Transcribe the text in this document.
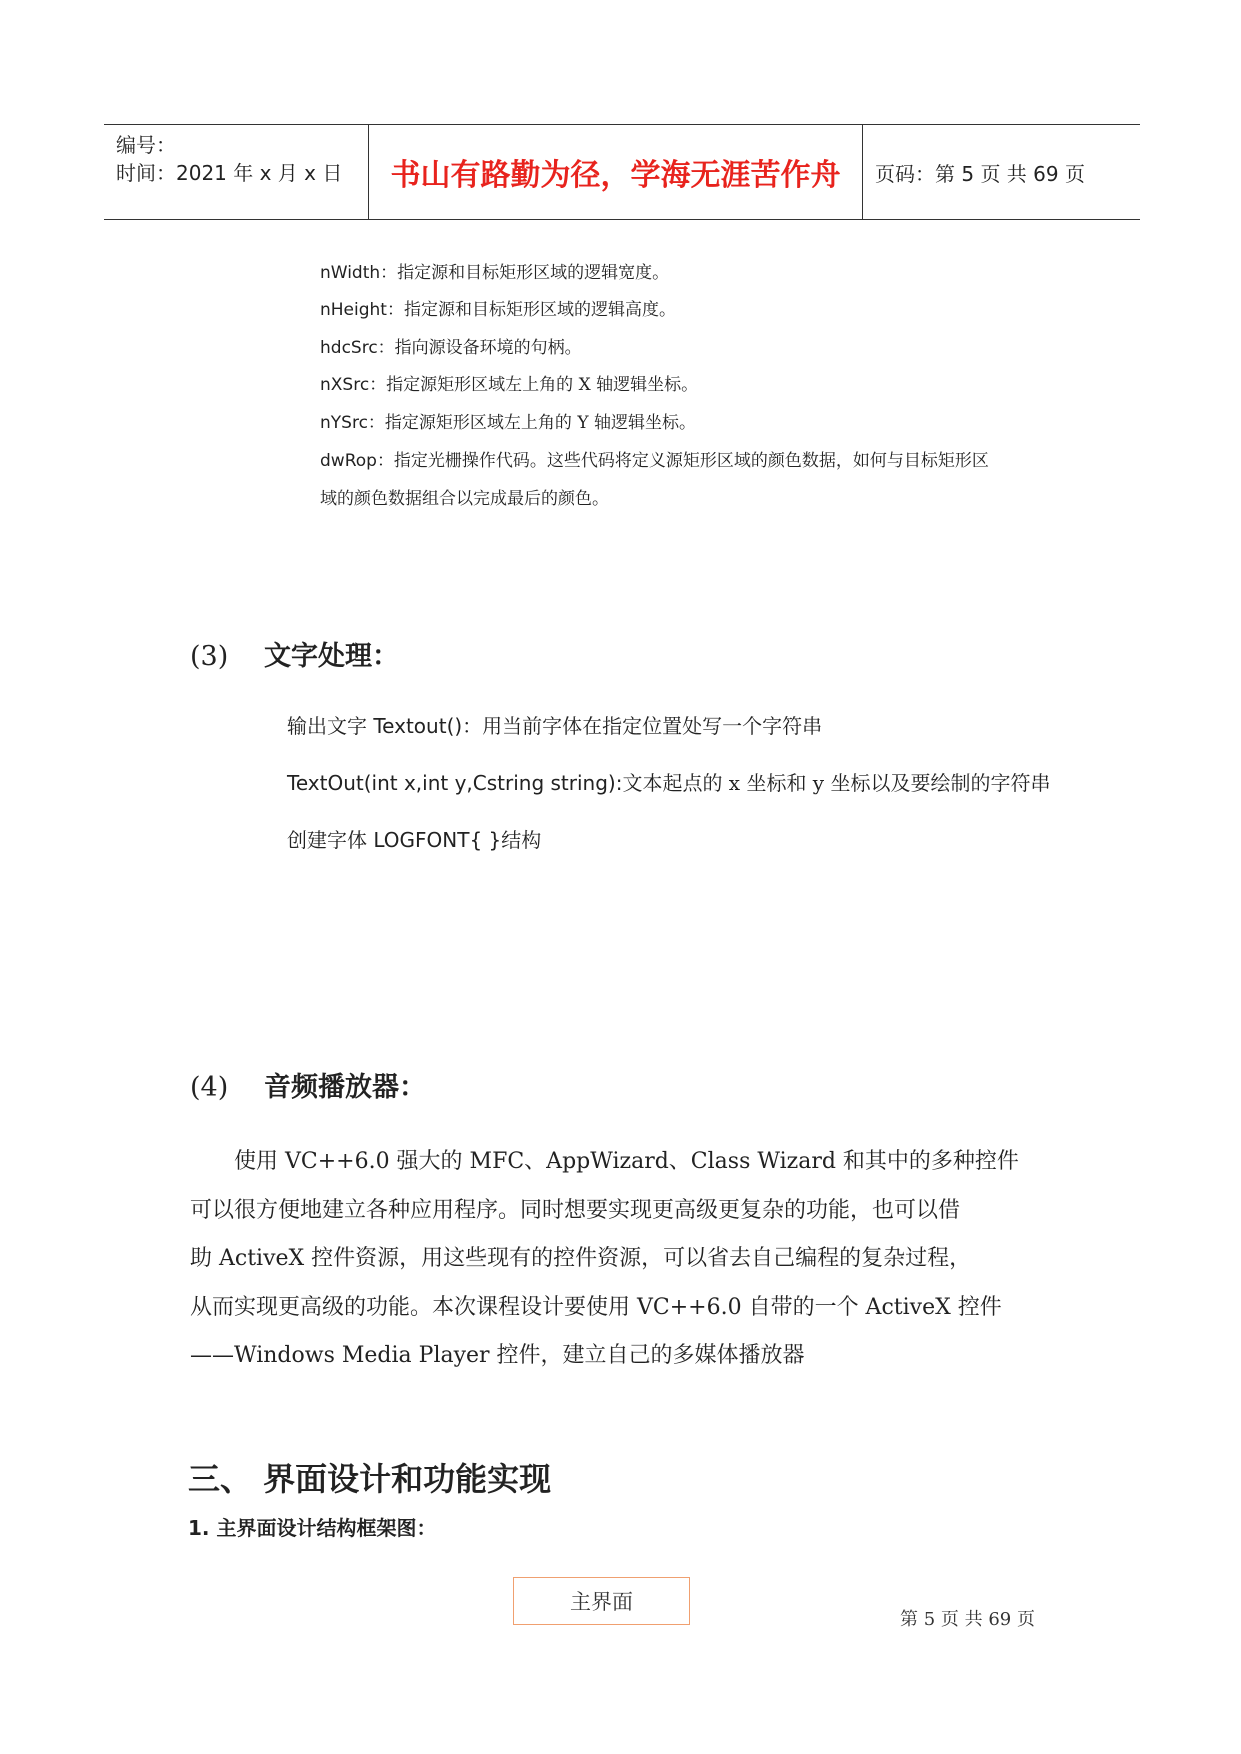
编号：
时间：2021 年 x 月 x 日 书山有路勤为径，学海无涯苦作舟	页码：第 5 页 共 69 页
nWidth：指定源和目标矩形区域的逻辑宽度。
nHeight：指定源和目标矩形区域的逻辑高度。
hdcSrc：指向源设备环境的句柄。
nXSrc：指定源矩形区域左上角的 X 轴逻辑坐标。
nYSrc：指定源矩形区域左上角的 Y 轴逻辑坐标。
dwRop：指定光栅操作代码。这些代码将定义源矩形区域的颜色数据，如何与目标矩形区
域的颜色数据组合以完成最后的颜色。
(3) 文字处理：
输出文字 Textout()：用当前字体在指定位置处写一个字符串
TextOut(int x,int y,Cstring string):文本起点的 x 坐标和 y 坐标以及要绘制的字符串
创建字体 LOGFONT{ }结构
(4) 音频播放器：
　　使用 VC++6.0 强大的 MFC、AppWizard、Class Wizard 和其中的多种控件
可以很方便地建立各种应用程序。同时想要实现更高级更复杂的功能，也可以借
助 ActiveX 控件资源，用这些现有的控件资源，可以省去自己编程的复杂过程，
从而实现更高级的功能。本次课程设计要使用 VC++6.0 自带的一个 ActiveX 控件
——Windows Media Player 控件，建立自己的多媒体播放器
三、 界面设计和功能实现
1. 主界面设计结构框架图：
主界面
第 5 页 共 69 页
